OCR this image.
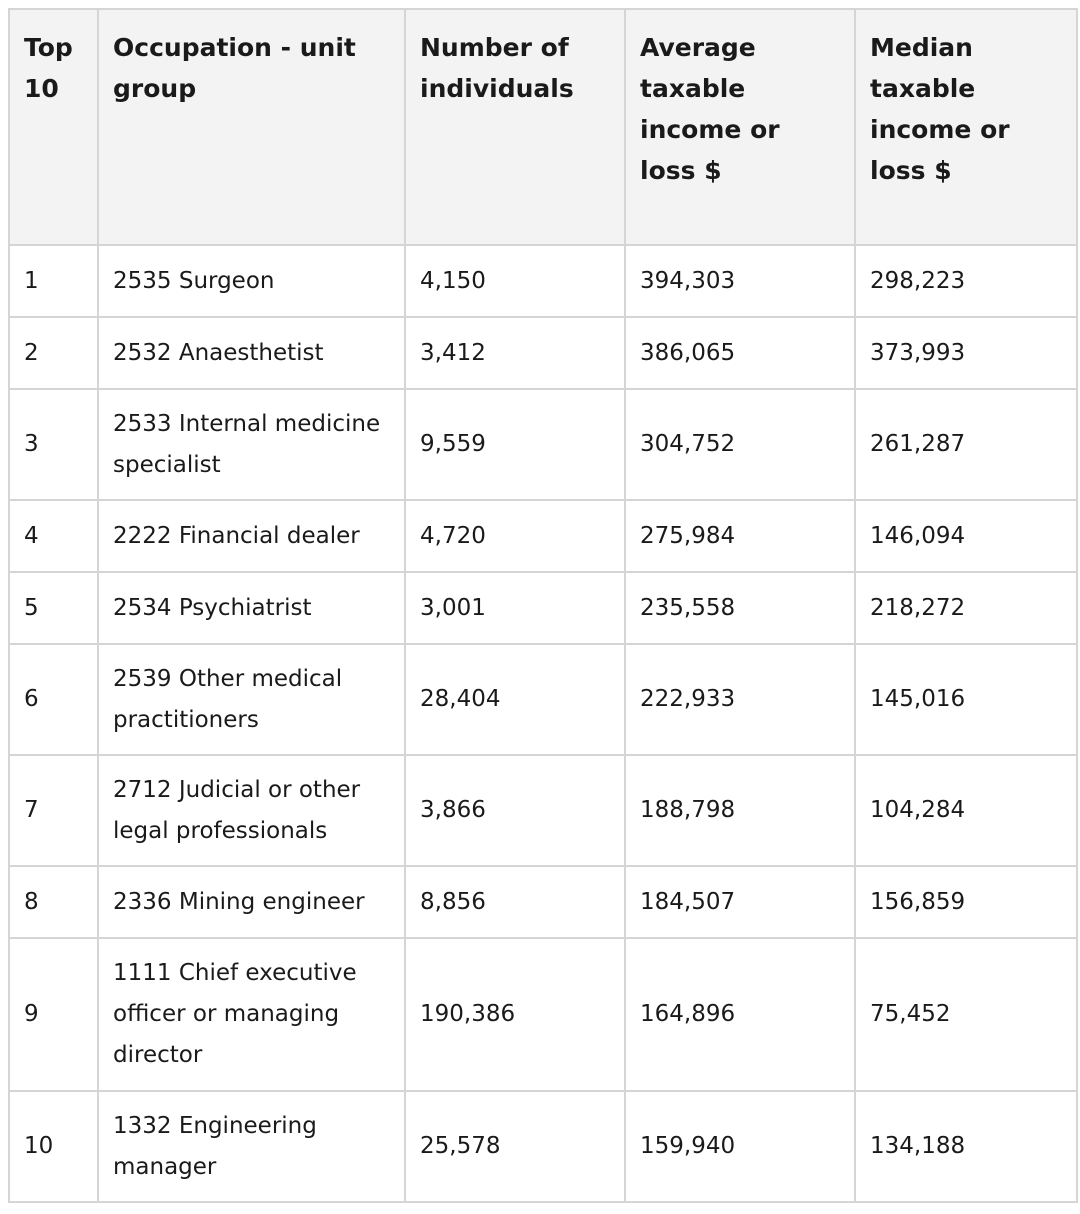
Top 10	Occupation - unit group	Number of individuals	Average taxable income or loss $	Median taxable income or loss $

1	2535 Surgeon	4,150	394,303	298,223
2	2532 Anaesthetist	3,412	386,065	373,993
3	2533 Internal medicine specialist	9,559	304,752	261,287
4	2222 Financial dealer	4,720	275,984	146,094
5	2534 Psychiatrist	3,001	235,558	218,272
6	2539 Other medical practitioners	28,404	222,933	145,016
7	2712 Judicial or other legal professionals	3,866	188,798	104,284
8	2336 Mining engineer	8,856	184,507	156,859
9	1111 Chief executive officer or managing director	190,386	164,896	75,452
10	1332 Engineering manager	25,578	159,940	134,188
